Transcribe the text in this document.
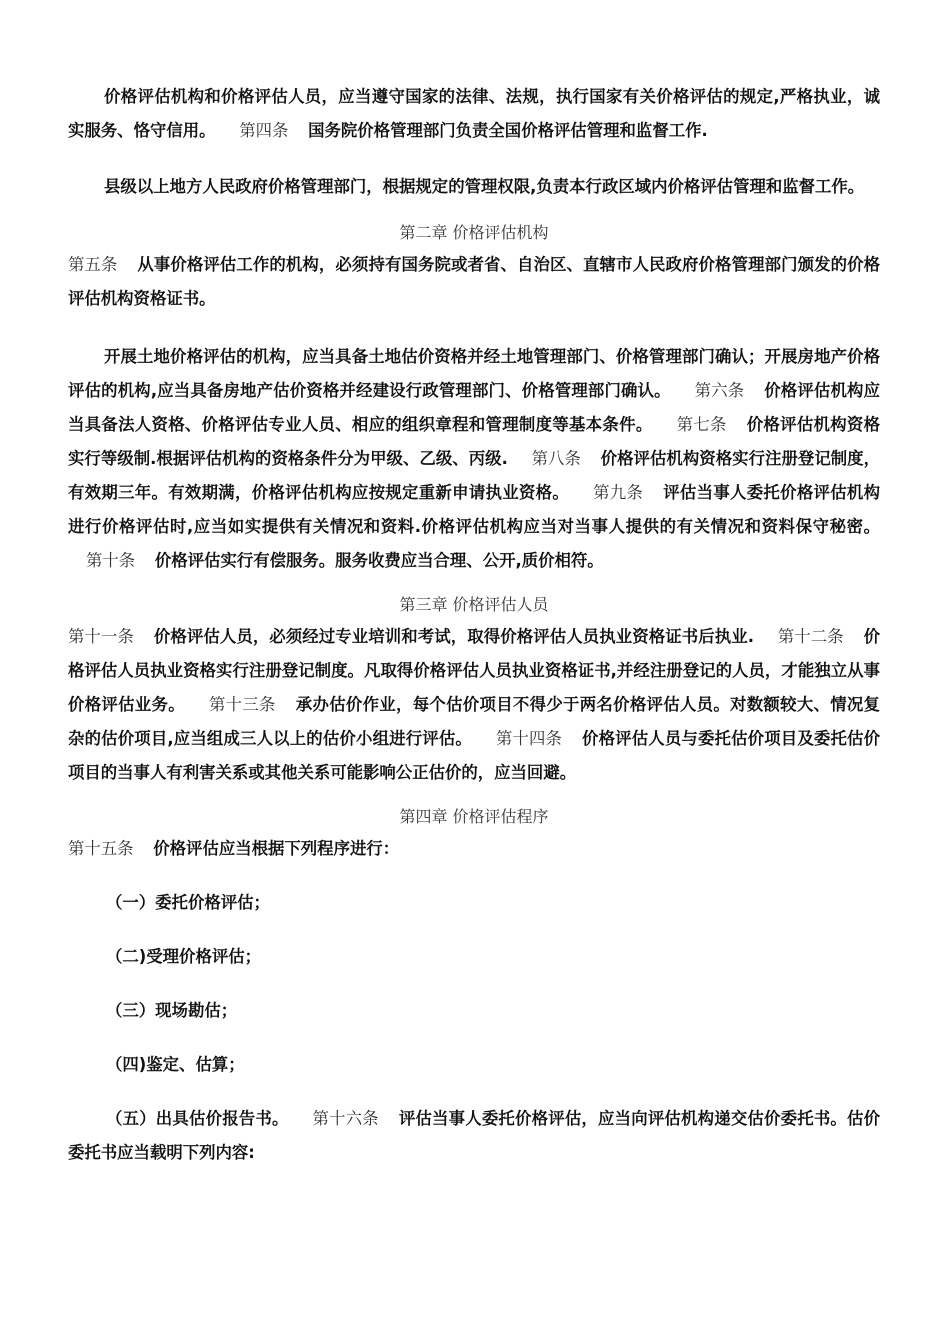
价格评估机构和价格评估人员，应当遵守国家的法律、法规，执行国家有关价格评估的规定,严格执业，诚实服务、恪守信用。 第四条 国务院价格管理部门负责全国价格评估管理和监督工作.

县级以上地方人民政府价格管理部门，根据规定的管理权限,负责本行政区域内价格评估管理和监督工作。

第二章 价格评估机构

第五条 从事价格评估工作的机构，必须持有国务院或者省、自治区、直辖市人民政府价格管理部门颁发的价格评估机构资格证书。

开展土地价格评估的机构，应当具备土地估价资格并经土地管理部门、价格管理部门确认；开展房地产价格评估的机构,应当具备房地产估价资格并经建设行政管理部门、价格管理部门确认。 第六条 价格评估机构应当具备法人资格、价格评估专业人员、相应的组织章程和管理制度等基本条件。 第七条 价格评估机构资格实行等级制.根据评估机构的资格条件分为甲级、乙级、丙级. 第八条 价格评估机构资格实行注册登记制度，有效期三年。有效期满，价格评估机构应按规定重新申请执业资格。 第九条 评估当事人委托价格评估机构进行价格评估时,应当如实提供有关情况和资料.价格评估机构应当对当事人提供的有关情况和资料保守秘密。 第十条 价格评估实行有偿服务。服务收费应当合理、公开,质价相符。

第三章 价格评估人员

第十一条 价格评估人员，必须经过专业培训和考试，取得价格评估人员执业资格证书后执业. 第十二条 价格评估人员执业资格实行注册登记制度。凡取得价格评估人员执业资格证书,并经注册登记的人员，才能独立从事价格评估业务。 第十三条 承办估价作业，每个估价项目不得少于两名价格评估人员。对数额较大、情况复杂的估价项目,应当组成三人以上的估价小组进行评估。 第十四条 价格评估人员与委托估价项目及委托估价项目的当事人有利害关系或其他关系可能影响公正估价的，应当回避。

第四章 价格评估程序

第十五条 价格评估应当根据下列程序进行：

（一）委托价格评估；

（二)受理价格评估；

（三）现场勘估；

（四)鉴定、估算；

（五）出具估价报告书。 第十六条 评估当事人委托价格评估，应当向评估机构递交估价委托书。估价委托书应当载明下列内容:
